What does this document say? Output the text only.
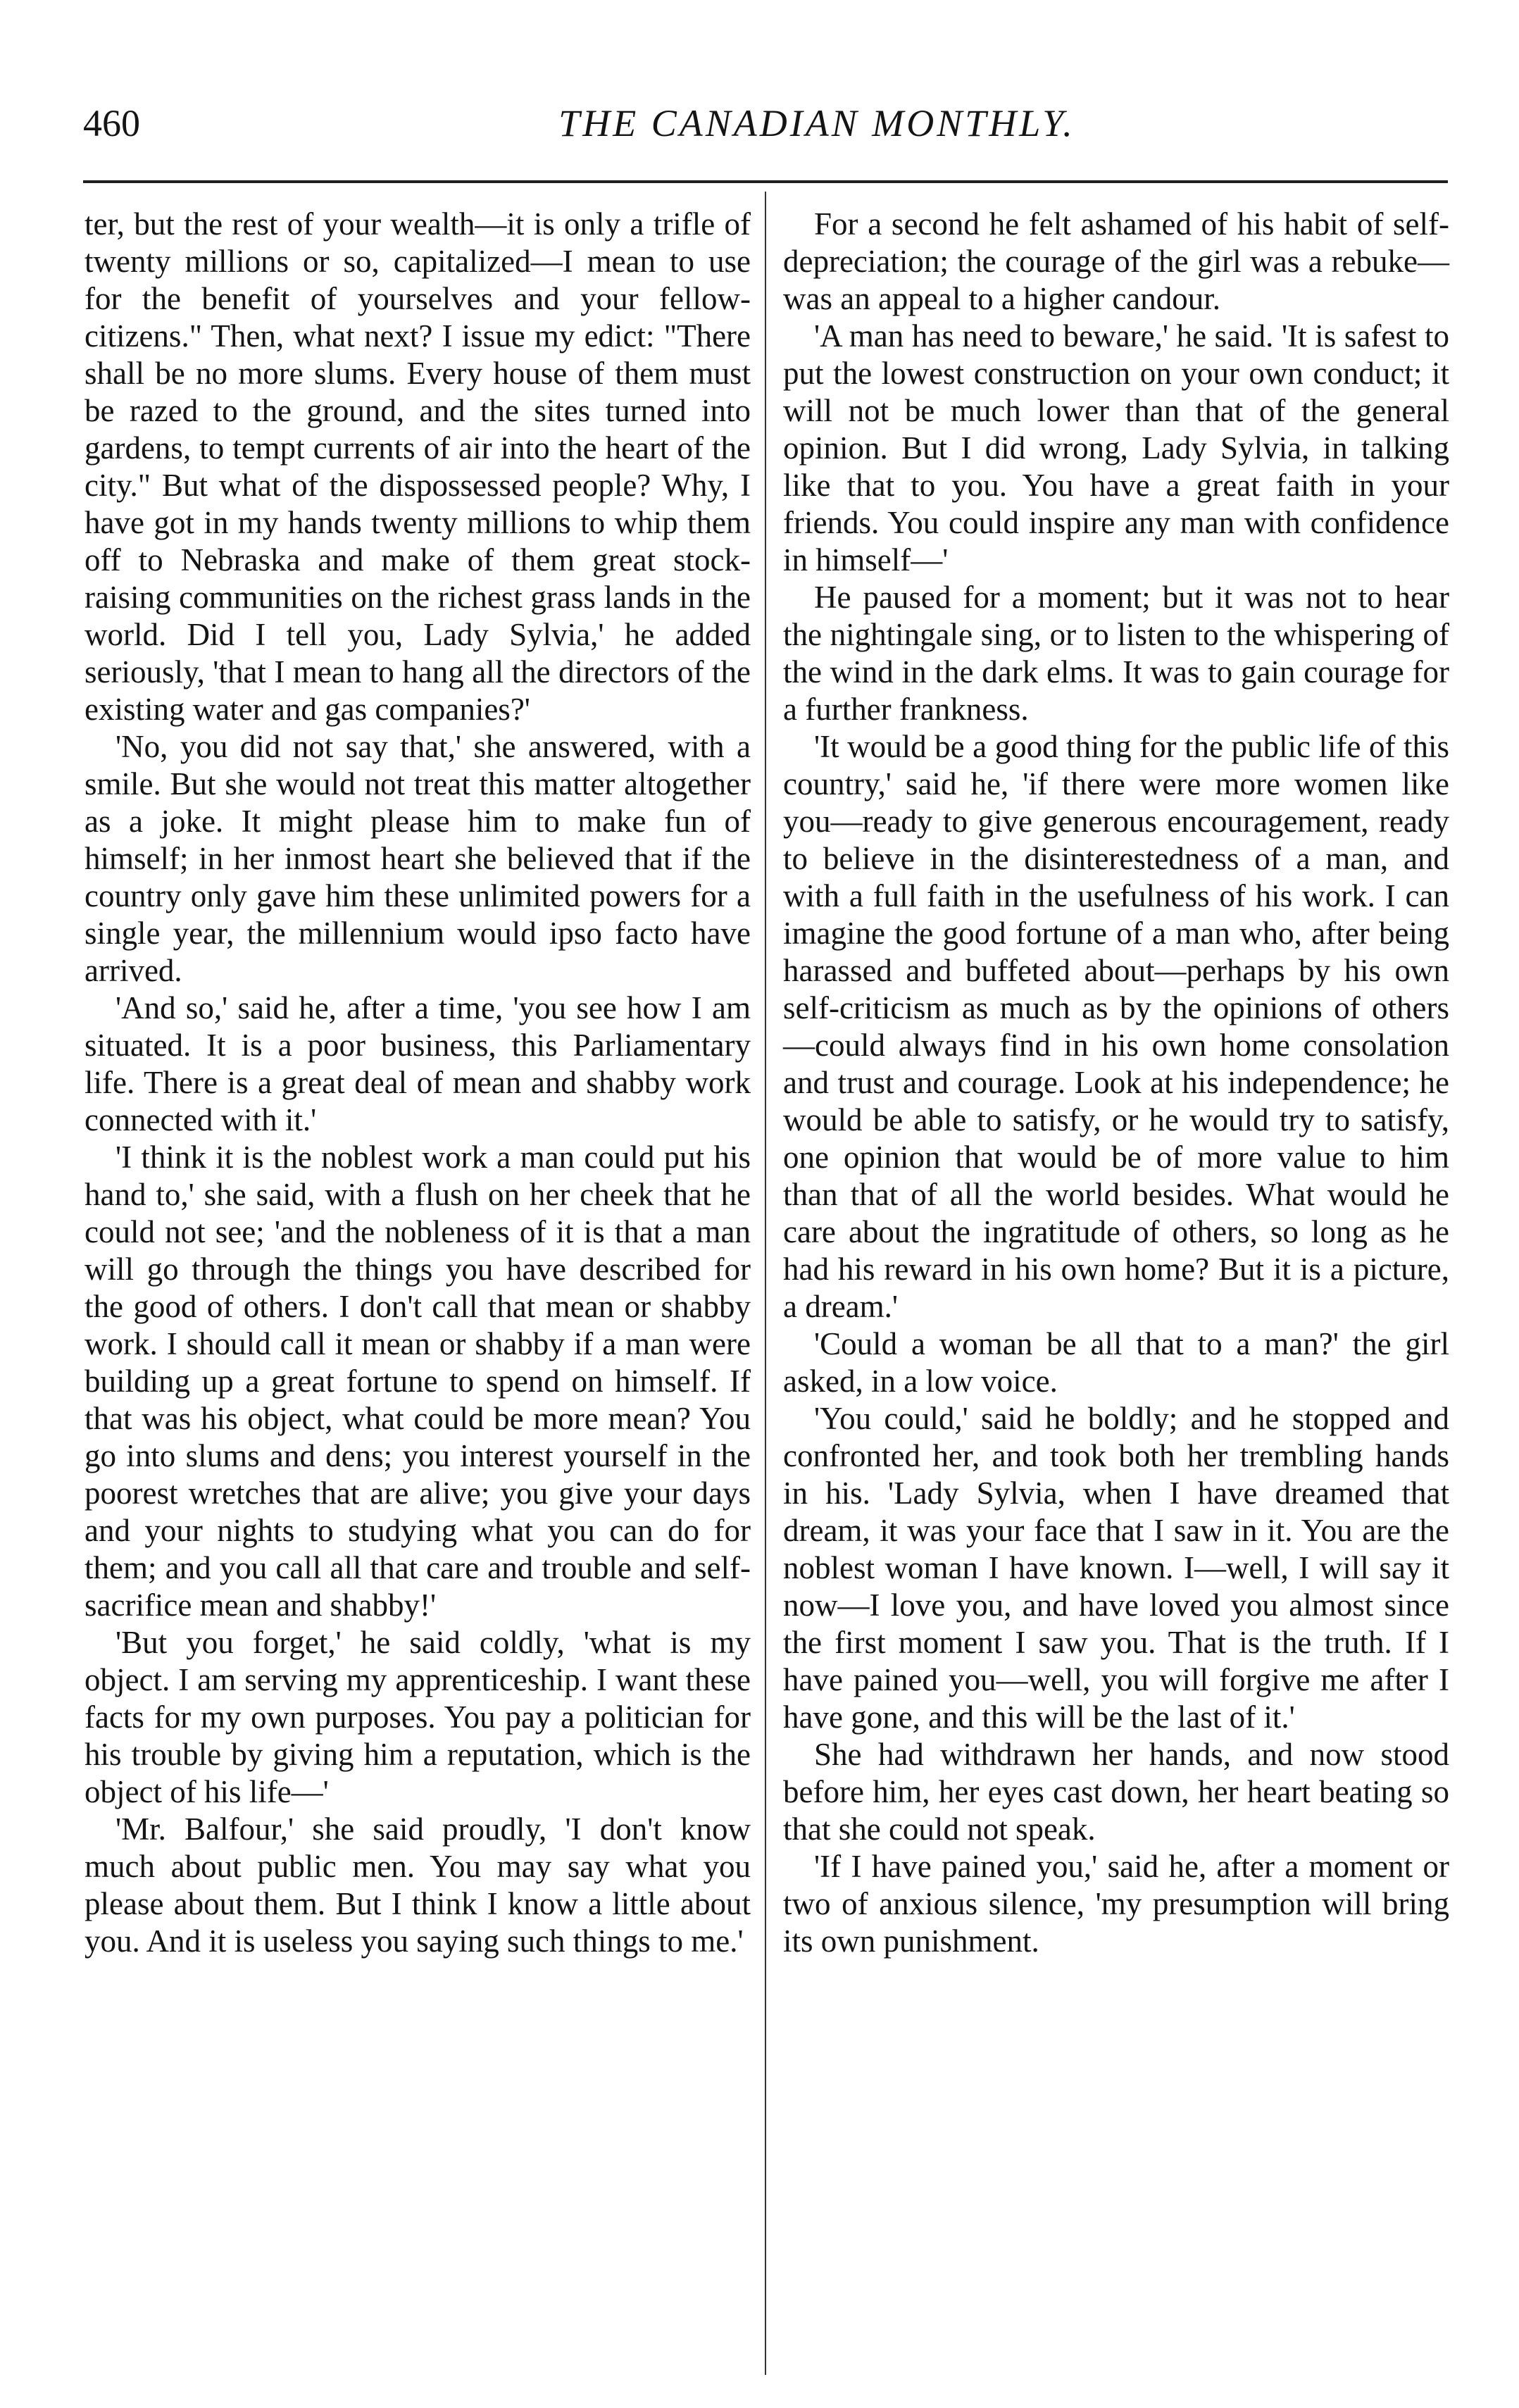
460	THE CANADIAN MONTHLY.

ter, but the rest of your wealth—it is only a trifle of twenty millions or so, capitalized—I mean to use for the benefit of yourselves and your fellow-citizens." Then, what next? I issue my edict: "There shall be no more slums. Every house of them must be razed to the ground, and the sites turned into gardens, to tempt currents of air into the heart of the city." But what of the dispossessed people? Why, I have got in my hands twenty millions to whip them off to Nebraska and make of them great stock-raising communities on the richest grass lands in the world. Did I tell you, Lady Sylvia,' he added seriously, 'that I mean to hang all the directors of the existing water and gas companies?'

'No, you did not say that,' she answered, with a smile. But she would not treat this matter altogether as a joke. It might please him to make fun of himself; in her inmost heart she believed that if the country only gave him these unlimited powers for a single year, the millennium would ipso facto have arrived.

'And so,' said he, after a time, 'you see how I am situated. It is a poor business, this Parliamentary life. There is a great deal of mean and shabby work connected with it.'

'I think it is the noblest work a man could put his hand to,' she said, with a flush on her cheek that he could not see; 'and the nobleness of it is that a man will go through the things you have described for the good of others. I don't call that mean or shabby work. I should call it mean or shabby if a man were building up a great fortune to spend on himself. If that was his object, what could be more mean? You go into slums and dens; you interest yourself in the poorest wretches that are alive; you give your days and your nights to studying what you can do for them; and you call all that care and trouble and self-sacrifice mean and shabby!'

'But you forget,' he said coldly, 'what is my object. I am serving my apprenticeship. I want these facts for my own purposes. You pay a politician for his trouble by giving him a reputation, which is the object of his life—'

'Mr. Balfour,' she said proudly, 'I don't know much about public men. You may say what you please about them. But I think I know a little about you. And it is useless you saying such things to me.'

For a second he felt ashamed of his habit of self-depreciation; the courage of the girl was a rebuke—was an appeal to a higher candour.

'A man has need to beware,' he said. 'It is safest to put the lowest construction on your own conduct; it will not be much lower than that of the general opinion. But I did wrong, Lady Sylvia, in talking like that to you. You have a great faith in your friends. You could inspire any man with confidence in himself—'

He paused for a moment; but it was not to hear the nightingale sing, or to listen to the whispering of the wind in the dark elms. It was to gain courage for a further frankness.

'It would be a good thing for the public life of this country,' said he, 'if there were more women like you—ready to give generous encouragement, ready to believe in the disinterestedness of a man, and with a full faith in the usefulness of his work. I can imagine the good fortune of a man who, after being harassed and buffeted about—perhaps by his own self-criticism as much as by the opinions of others—could always find in his own home consolation and trust and courage. Look at his independence; he would be able to satisfy, or he would try to satisfy, one opinion that would be of more value to him than that of all the world besides. What would he care about the ingratitude of others, so long as he had his reward in his own home? But it is a picture, a dream.'

'Could a woman be all that to a man?' the girl asked, in a low voice.

'You could,' said he boldly; and he stopped and confronted her, and took both her trembling hands in his. 'Lady Sylvia, when I have dreamed that dream, it was your face that I saw in it. You are the noblest woman I have known. I—well, I will say it now—I love you, and have loved you almost since the first moment I saw you. That is the truth. If I have pained you—well, you will forgive me after I have gone, and this will be the last of it.'

She had withdrawn her hands, and now stood before him, her eyes cast down, her heart beating so that she could not speak.

'If I have pained you,' said he, after a moment or two of anxious silence, 'my presumption will bring its own punishment.
